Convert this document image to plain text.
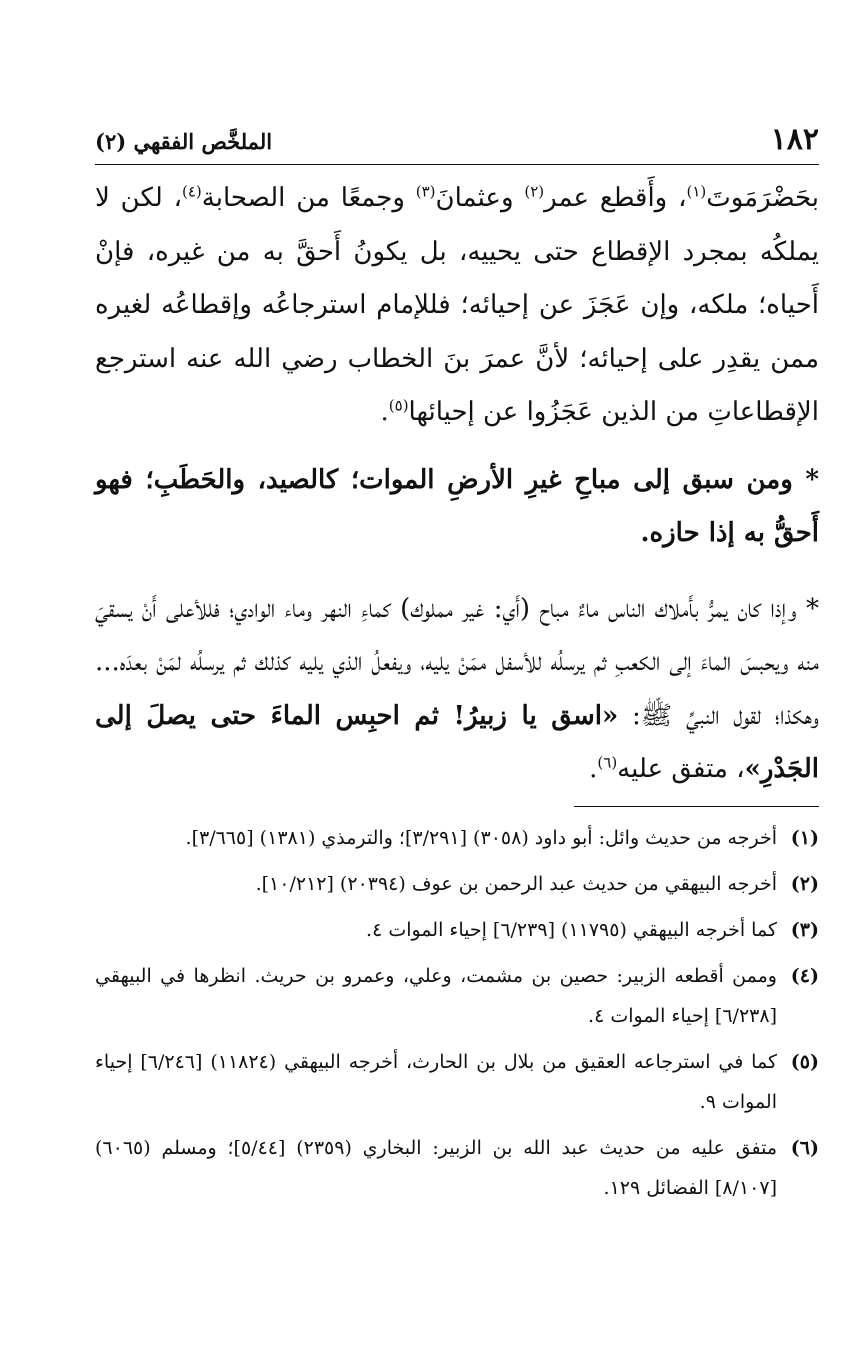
١٨٢
الملخَّص الفقهي (٢)

بحَضْرَمَوتَ$^{(١)}$، وأَقطع عمر$^{(٢)}$ وعثمانَ$^{(٣)}$ وجمعًا من الصحابة$^{(٤)}$، لكن لا يملكُه بمجرد الإقطاع حتى يحييه، بل يكونُ أَحقَّ به من غيره، فإنْ أَحياه؛ ملكه، وإن عَجَزَ عن إحيائه؛ فللإمام استرجاعُه وإقطاعُه لغيره ممن يقدِر على إحيائه؛ لأنَّ عمرَ بنَ الخطاب رضي الله عنه استرجع الإقطاعاتِ من الذين عَجَزُوا عن إحيائها$^{(٥)}$.

* ومن سبق إلى مباحِ غيرِ الأرضِ الموات؛ كالصيد، والحَطَبِ؛ فهو أَحقُّ به إذا حازه.

* وإذا كان يمرُّ بأَملاك الناس ماءٌ مباح (أَي: غير مملوك) كماءِ النهر وماء الوادي؛ فللأعلى أَنْ يسقيَ منه ويحبسَ الماءَ إلى الكعبِ ثم يرسلُه للأسفل ممَنْ يليه، ويفعلُ الذي يليه كذلك ثم يرسلُه لمَنْ بعدَه... وهكذا؛ لقول النبيِّ ﷺ: «اسق يا زبيرُ! ثم احبِس الماءَ حتى يصلَ إلى الجَدْرِ»، متفق عليه$^{(٦)}$.

(١)
أخرجه من حديث وائل: أبو داود (٣٠٥٨) [٣/٢٩١]؛ والترمذي (١٣٨١) [٣/٦٦٥].
(٢)
أخرجه البيهقي من حديث عبد الرحمن بن عوف (٢٠٣٩٤) [١٠/٢١٢].
(٣)
كما أخرجه البيهقي (١١٧٩٥) [٦/٢٣٩] إحياء الموات ٤.
(٤)
وممن أقطعه الزبير: حصين بن مشمت، وعلي، وعمرو بن حريث. انظرها في البيهقي [٦/٢٣٨] إحياء الموات ٤.
(٥)
كما في استرجاعه العقيق من بلال بن الحارث، أخرجه البيهقي (١١٨٢٤) [٦/٢٤٦] إحياء الموات ٩.
(٦)
متفق عليه من حديث عبد الله بن الزبير: البخاري (٢٣٥٩) [٥/٤٤]؛ ومسلم (٦٠٦٥) [٨/١٠٧] الفضائل ١٢٩.
